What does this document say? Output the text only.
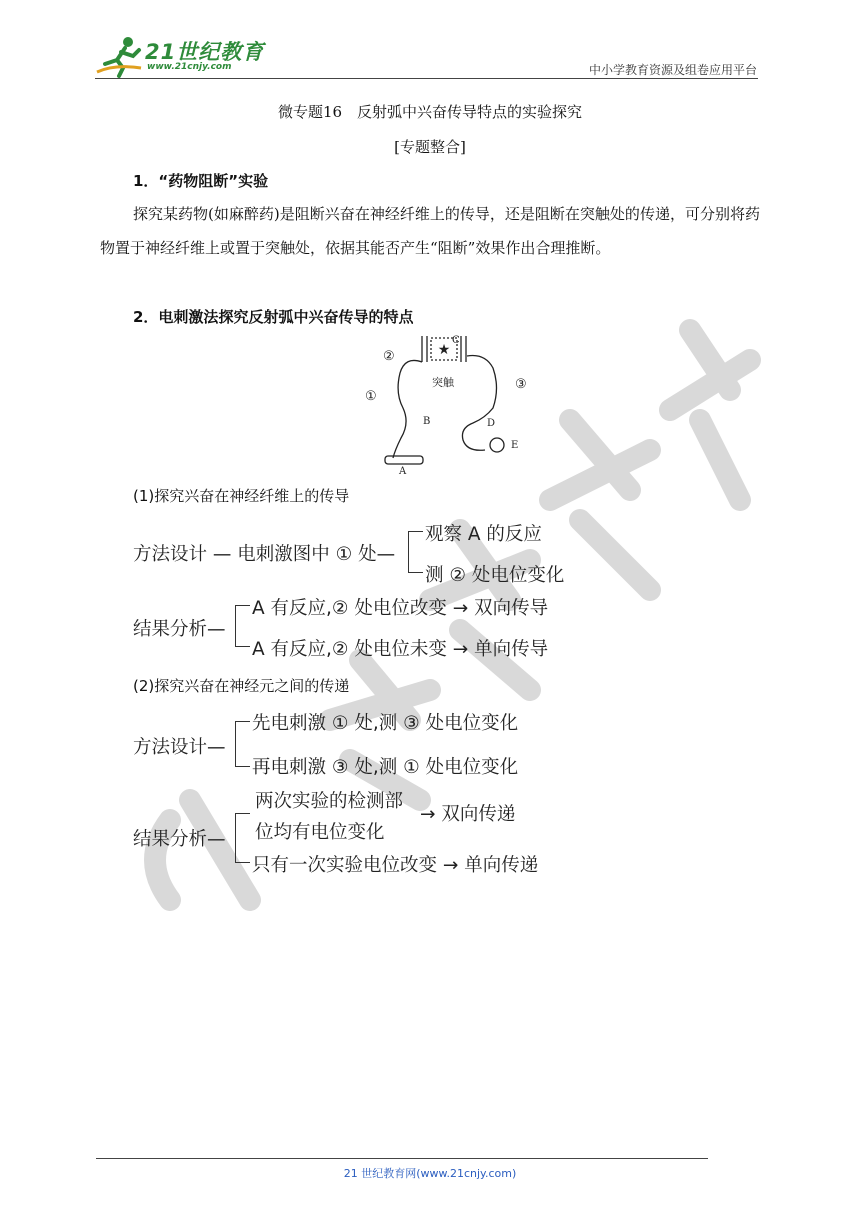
21世纪教育
www.21cnjy.com	中小学教育资源及组卷应用平台
微专题16　反射弧中兴奋传导特点的实验探究
[专题整合]
1．“药物阻断”实验
探究某药物(如麻醉药)是阻断兴奋在神经纤维上的传导，还是阻断在突触处的传递，可分别将药物置于神经纤维上或置于突触处，依据其能否产生“阻断”效果作出合理推断。
2．电刺激法探究反射弧中兴奋传导的特点
★
C
突触
②
①
③
B	D
E
A
(1)探究兴奋在神经纤维上的传导
方法设计 — 电刺激图中 ① 处—
观察 A 的反应
测 ② 处电位变化
结果分析—
A 有反应,② 处电位改变 → 双向传导
A 有反应,② 处电位未变 → 单向传导
(2)探究兴奋在神经元之间的传递
方法设计—
先电刺激 ① 处,测 ③ 处电位变化
再电刺激 ③ 处,测 ① 处电位变化
结果分析—
两次实验的检测部
位均有电位变化
→ 双向传递
只有一次实验电位改变 → 单向传递
21 世纪教育网(www.21cnjy.com)
